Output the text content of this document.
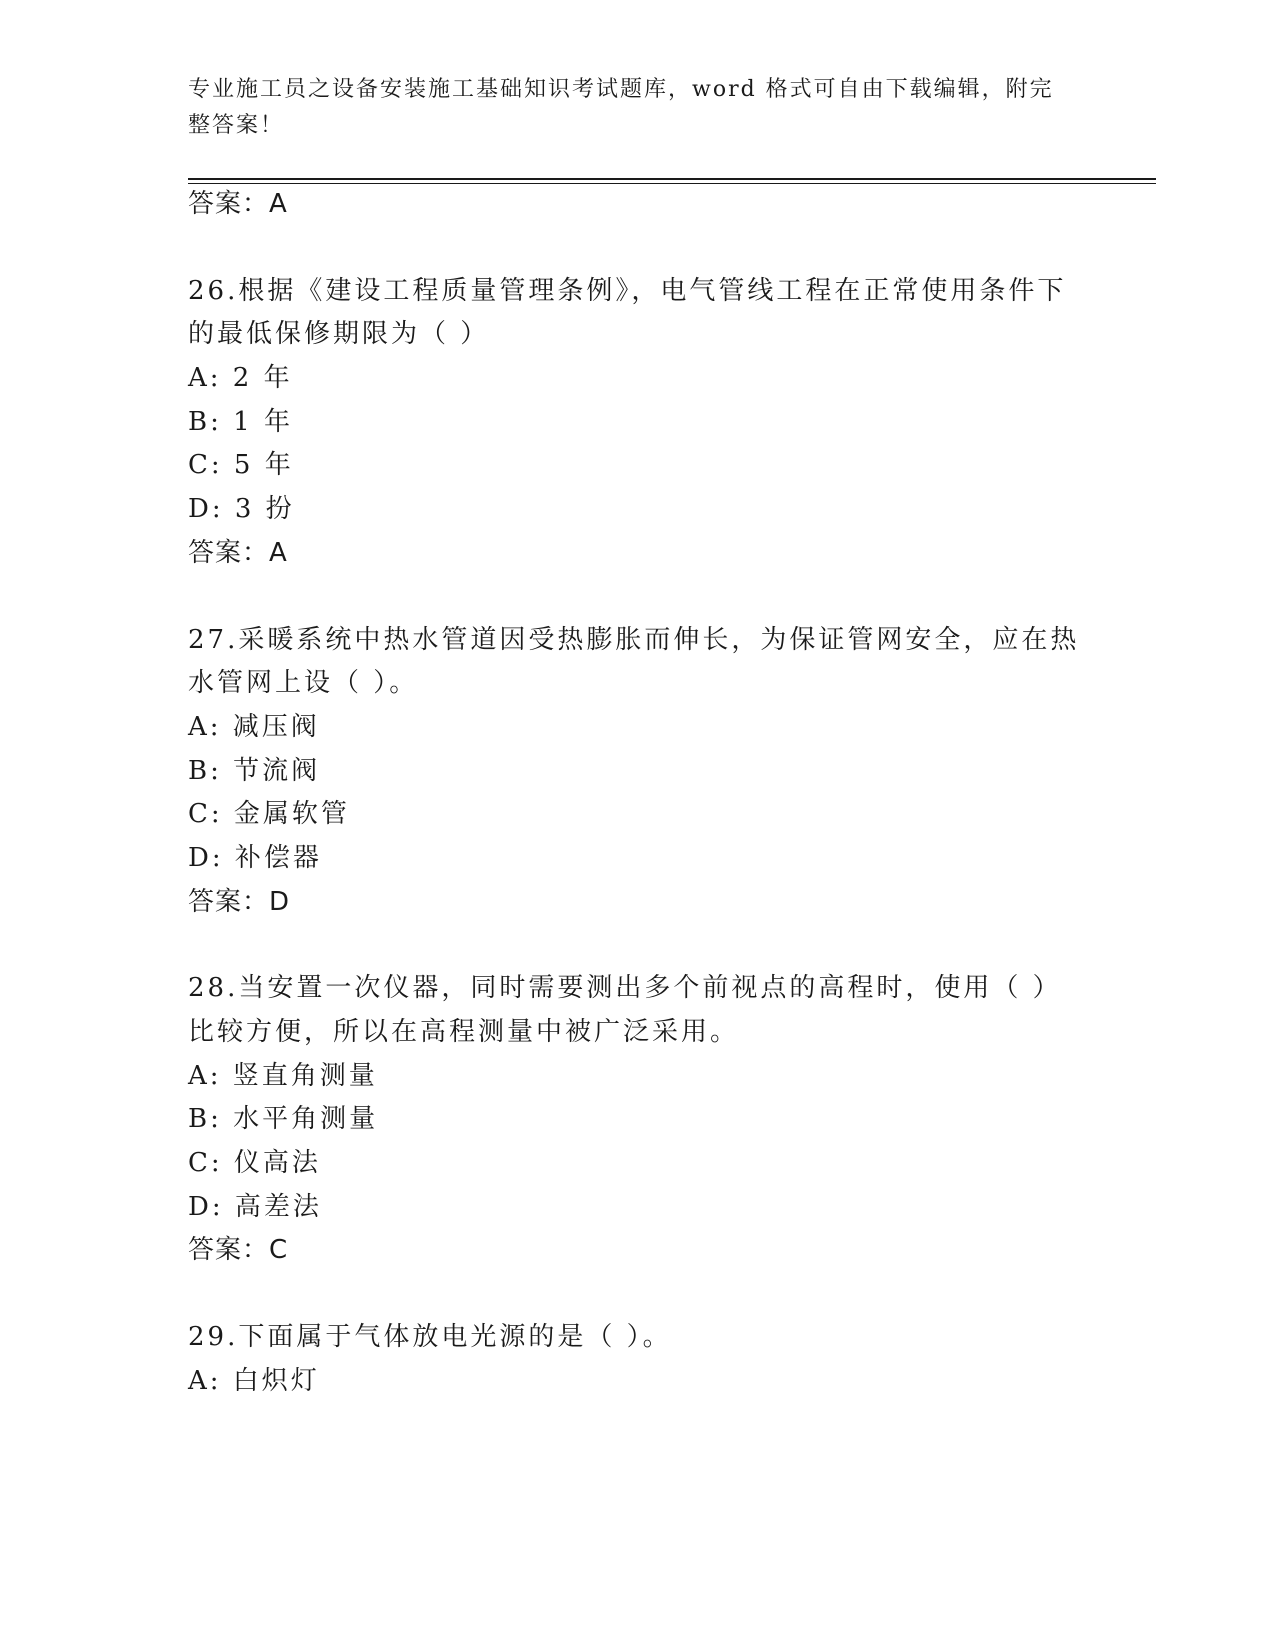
专业施工员之设备安装施工基础知识考试题库，word 格式可自由下载编辑，附完
整答案！
答案：A
26.根据《建设工程质量管理条例》，电气管线工程在正常使用条件下
的最低保修期限为（ ）
A: 2 年
B: 1 年
C: 5 年
D: 3 扮
答案：A
27.采暖系统中热水管道因受热膨胀而伸长，为保证管网安全，应在热
水管网上设（ ）。
A: 减压阀
B: 节流阀
C: 金属软管
D: 补偿器
答案：D
28.当安置一次仪器，同时需要测出多个前视点的高程时，使用（ ）
比较方便，所以在高程测量中被广泛采用。
A: 竖直角测量
B: 水平角测量
C: 仪高法
D: 高差法
答案：C
29.下面属于气体放电光源的是（ ）。
A: 白炽灯
